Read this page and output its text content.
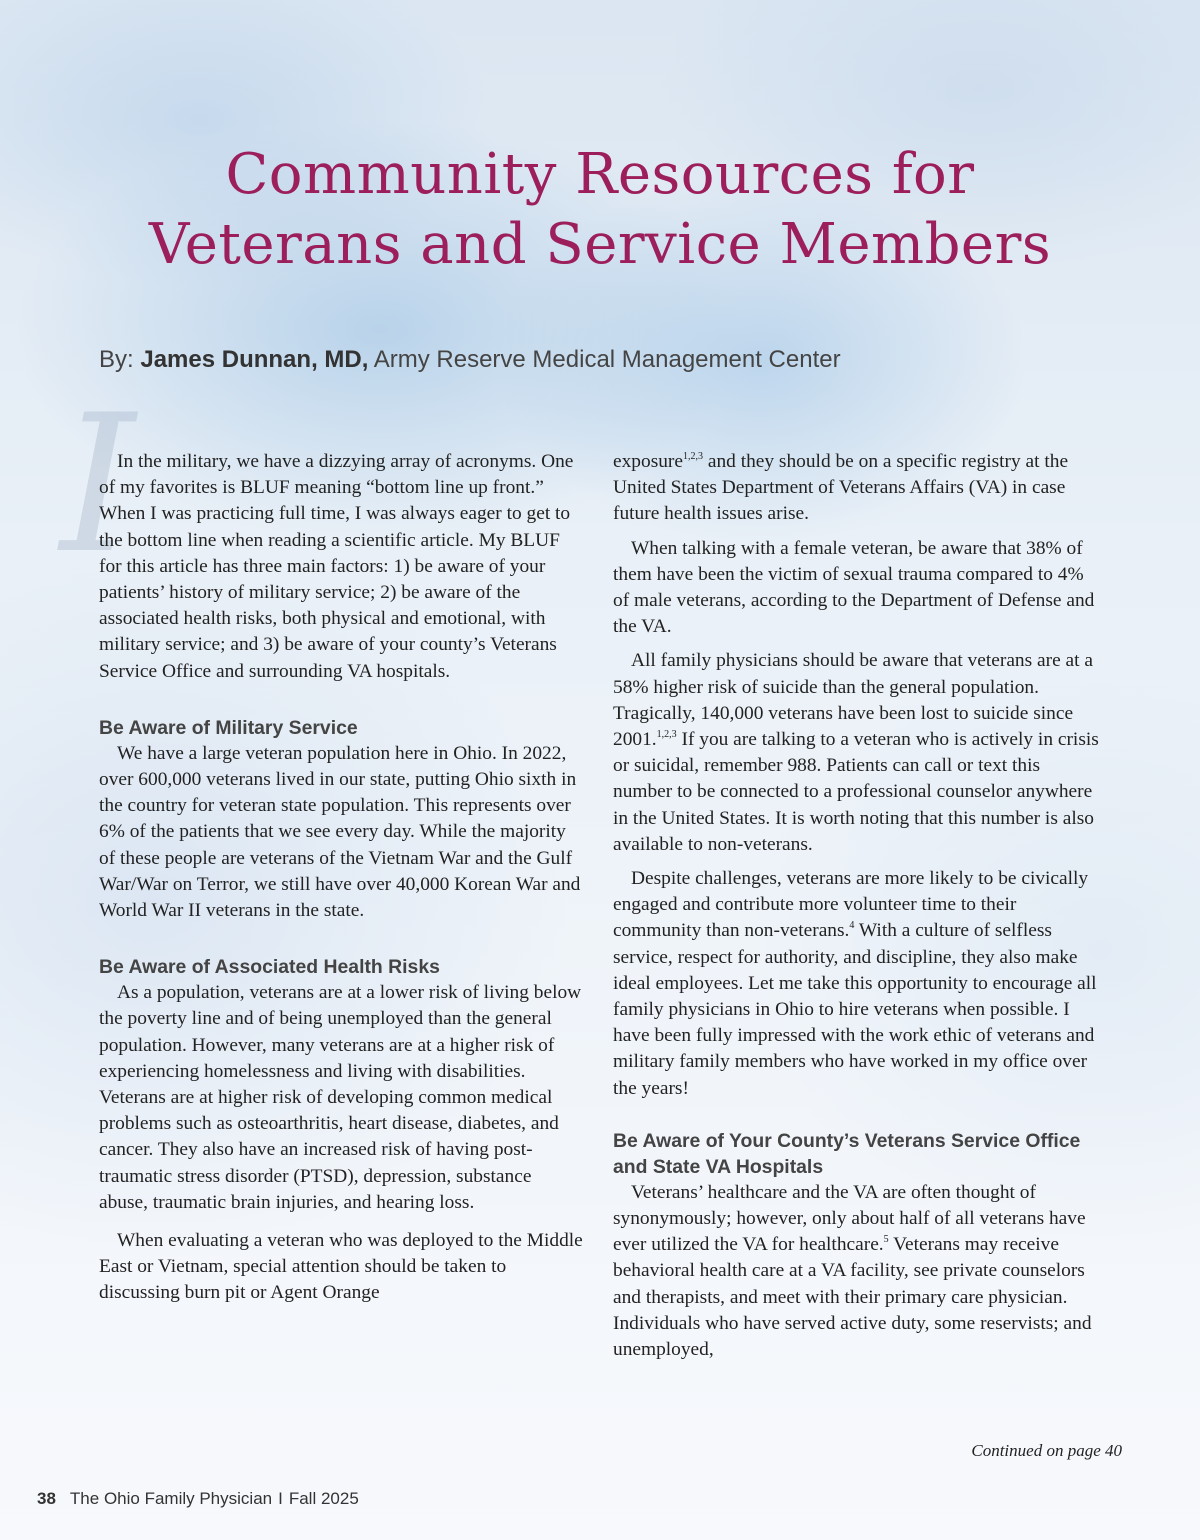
Community Resources for
Veterans and Service Members

By: James Dunnan, MD, Army Reserve Medical Management Center

I

In the military, we have a dizzying array of acronyms. One of my favorites is BLUF meaning “bottom line up front.” When I was practicing full time, I was always eager to get to the bottom line when reading a scientific article. My BLUF for this article has three main factors: 1) be aware of your patients’ history of military service; 2) be aware of the associated health risks, both physical and emotional, with military service; and 3) be aware of your county’s Veterans Service Office and surrounding VA hospitals.

Be Aware of Military Service

We have a large veteran population here in Ohio. In 2022, over 600,000 veterans lived in our state, putting Ohio sixth in the country for veteran state population. This represents over 6% of the patients that we see every day. While the majority of these people are veterans of the Vietnam War and the Gulf War/War on Terror, we still have over 40,000 Korean War and World War II veterans in the state.

Be Aware of Associated Health Risks

As a population, veterans are at a lower risk of living below the poverty line and of being unemployed than the general population. However, many veterans are at a higher risk of experiencing homelessness and living with disabilities. Veterans are at higher risk of developing common medical problems such as osteoarthritis, heart disease, diabetes, and cancer. They also have an increased risk of having post-traumatic stress disorder (PTSD), depression, substance abuse, traumatic brain injuries, and hearing loss.

When evaluating a veteran who was deployed to the Middle East or Vietnam, special attention should be taken to discussing burn pit or Agent Orange

exposure$^{1,2,3}$ and they should be on a specific registry at the United States Department of Veterans Affairs (VA) in case future health issues arise.

When talking with a female veteran, be aware that 38% of them have been the victim of sexual trauma compared to 4% of male veterans, according to the Department of Defense and the VA.

All family physicians should be aware that veterans are at a 58% higher risk of suicide than the general population. Tragically, 140,000 veterans have been lost to suicide since 2001.$^{1,2,3}$ If you are talking to a veteran who is actively in crisis or suicidal, remember 988. Patients can call or text this number to be connected to a professional counselor anywhere in the United States. It is worth noting that this number is also available to non-veterans.

Despite challenges, veterans are more likely to be civically engaged and contribute more volunteer time to their community than non-veterans.$^4$ With a culture of selfless service, respect for authority, and discipline, they also make ideal employees. Let me take this opportunity to encourage all family physicians in Ohio to hire veterans when possible. I have been fully impressed with the work ethic of veterans and military family members who have worked in my office over the years!

Be Aware of Your County’s Veterans Service Office and State VA Hospitals

Veterans’ healthcare and the VA are often thought of synonymously; however, only about half of all veterans have ever utilized the VA for healthcare.$^5$ Veterans may receive behavioral health care at a VA facility, see private counselors and therapists, and meet with their primary care physician. Individuals who have served active duty, some reservists; and unemployed,

Continued on page 40

38 The Ohio Family Physician I Fall 2025
